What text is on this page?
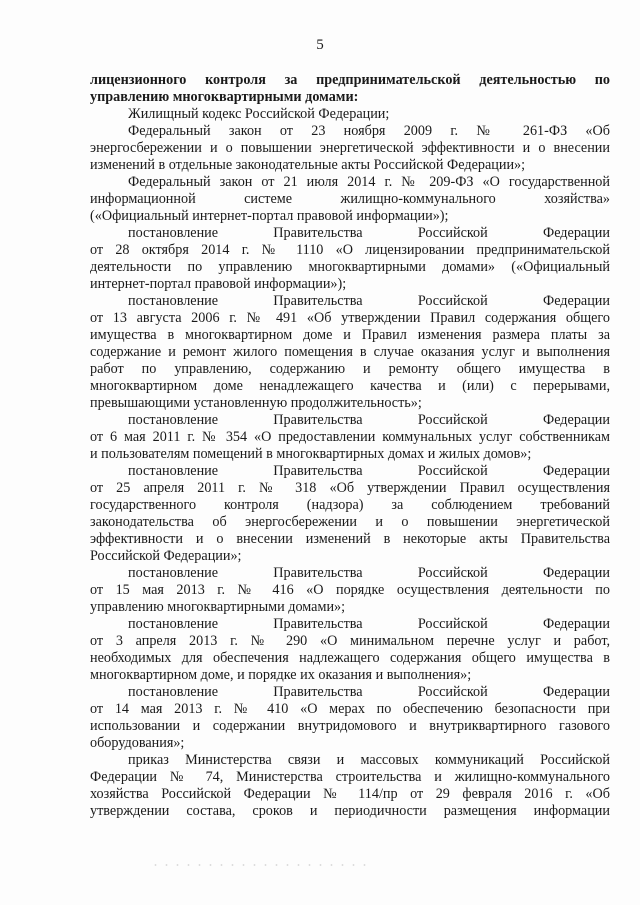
5
лицензионного контроля за предпринимательской деятельностью по
управлению многоквартирными домами:
Жилищный кодекс Российской Федерации;
Федеральный закон от 23 ноября 2009 г. № 261-ФЗ «Об
энергосбережении и о повышении энергетической эффективности и о внесении
изменений в отдельные законодательные акты Российской Федерации»;
Федеральный закон от 21 июля 2014 г. № 209-ФЗ «О государственной
информационной системе жилищно-коммунального хозяйства»
(«Официальный интернет-портал правовой информации»);
постановление Правительства Российской Федерации
от 28 октября 2014 г. № 1110 «О лицензировании предпринимательской
деятельности по управлению многоквартирными домами» («Официальный
интернет-портал правовой информации»);
постановление Правительства Российской Федерации
от 13 августа 2006 г. № 491 «Об утверждении Правил содержания общего
имущества в многоквартирном доме и Правил изменения размера платы за
содержание и ремонт жилого помещения в случае оказания услуг и выполнения
работ по управлению, содержанию и ремонту общего имущества в
многоквартирном доме ненадлежащего качества и (или) с перерывами,
превышающими установленную продолжительность»;
постановление Правительства Российской Федерации
от 6 мая 2011 г. № 354 «О предоставлении коммунальных услуг собственникам
и пользователям помещений в многоквартирных домах и жилых домов»;
постановление Правительства Российской Федерации
от 25 апреля 2011 г. № 318 «Об утверждении Правил осуществления
государственного контроля (надзора) за соблюдением требований
законодательства об энергосбережении и о повышении энергетической
эффективности и о внесении изменений в некоторые акты Правительства
Российской Федерации»;
постановление Правительства Российской Федерации
от 15 мая 2013 г. № 416 «О порядке осуществления деятельности по
управлению многоквартирными домами»;
постановление Правительства Российской Федерации
от 3 апреля 2013 г. № 290 «О минимальном перечне услуг и работ,
необходимых для обеспечения надлежащего содержания общего имущества в
многоквартирном доме, и порядке их оказания и выполнения»;
постановление Правительства Российской Федерации
от 14 мая 2013 г. № 410 «О мерах по обеспечению безопасности при
использовании и содержании внутридомового и внутриквартирного газового
оборудования»;
приказ Министерства связи и массовых коммуникаций Российской
Федерации № 74, Министерства строительства и жилищно-коммунального
хозяйства Российской Федерации № 114/пр от 29 февраля 2016 г. «Об
утверждении состава, сроков и периодичности размещения информации
